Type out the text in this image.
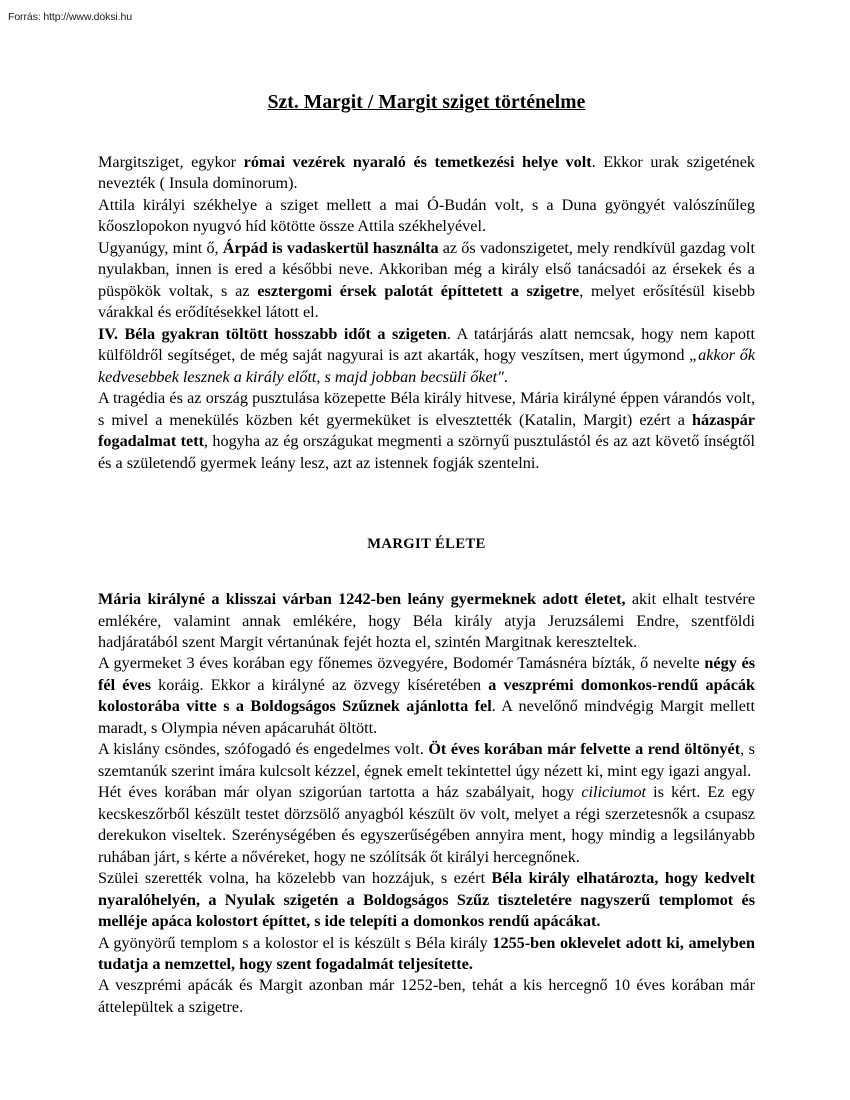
Forrás: http://www.doksi.hu
Szt. Margit / Margit sziget történelme

Margitsziget, egykor római vezérek nyaraló és temetkezési helye volt. Ekkor urak szigetének nevezték ( Insula dominorum).

Attila királyi székhelye a sziget mellett a mai Ó-Budán volt, s a Duna gyöngyét valószínűleg kőoszlopokon nyugvó híd kötötte össze Attila székhelyével.

Ugyanúgy, mint ő, Árpád is vadaskertül használta az ős vadonszigetet, mely rendkívül gazdag volt nyulakban, innen is ered a későbbi neve. Akkoriban még a király első tanácsadói az érsekek és a püspökök voltak, s az esztergomi érsek palotát építtetett a szigetre, melyet erősítésül kisebb várakkal és erődítésekkel látott el.

IV. Béla gyakran töltött hosszabb időt a szigeten. A tatárjárás alatt nemcsak, hogy nem kapott külföldről segítséget, de még saját nagyurai is azt akarták, hogy veszítsen, mert úgymond „akkor ők kedvesebbek lesznek a király előtt, s majd jobban becsüli őket″.

A tragédia és az ország pusztulása közepette Béla király hitvese, Mária királyné éppen várandós volt, s mivel a menekülés közben két gyermeküket is elvesztették (Katalin, Margit) ezért a házaspár fogadalmat tett, hogyha az ég országukat megmenti a szörnyű pusztulástól és az azt követő ínségtől és a születendő gyermek leány lesz, azt az istennek fogják szentelni.

MARGIT ÉLETE

Mária királyné a klisszai várban 1242-ben leány gyermeknek adott életet, akit elhalt testvére emlékére, valamint annak emlékére, hogy Béla király atyja Jeruzsálemi Endre, szentföldi hadjáratából szent Margit vértanúnak fejét hozta el, szintén Margitnak kereszteltek.

A gyermeket 3 éves korában egy főnemes özvegyére, Bodomér Tamásnéra bízták, ő nevelte négy és fél éves koráig. Ekkor a királyné az özvegy kíséretében a veszprémi domonkos-rendű apácák kolostorába vitte s a Boldogságos Szűznek ajánlotta fel. A nevelőnő mindvégig Margit mellett maradt, s Olympia néven apácaruhát öltött.

A kislány csöndes, szófogadó és engedelmes volt. Öt éves korában már felvette a rend öltönyét, s szemtanúk szerint imára kulcsolt kézzel, égnek emelt tekintettel úgy nézett ki, mint egy igazi angyal.

Hét éves korában már olyan szigorúan tartotta a ház szabályait, hogy ciliciumot is kért. Ez egy kecskeszőrből készült testet dörzsölő anyagból készült öv volt, melyet a régi szerzetesnők a csupasz derekukon viseltek. Szerénységében és egyszerűségében annyira ment, hogy mindig a legsilányabb ruhában járt, s kérte a nővéreket, hogy ne szólítsák őt királyi hercegnőnek.

Szülei szerették volna, ha közelebb van hozzájuk, s ezért Béla király elhatározta, hogy kedvelt nyaralóhelyén, a Nyulak szigetén a Boldogságos Szűz tiszteletére nagyszerű templomot és melléje apáca kolostort építtet, s ide telepíti a domonkos rendű apácákat.

A gyönyörű templom s a kolostor el is készült s Béla király 1255-ben oklevelet adott ki, amelyben tudatja a nemzettel, hogy szent fogadalmát teljesítette.

A veszprémi apácák és Margit azonban már 1252-ben, tehát a kis hercegnő 10 éves korában már áttelepültek a szigetre.
